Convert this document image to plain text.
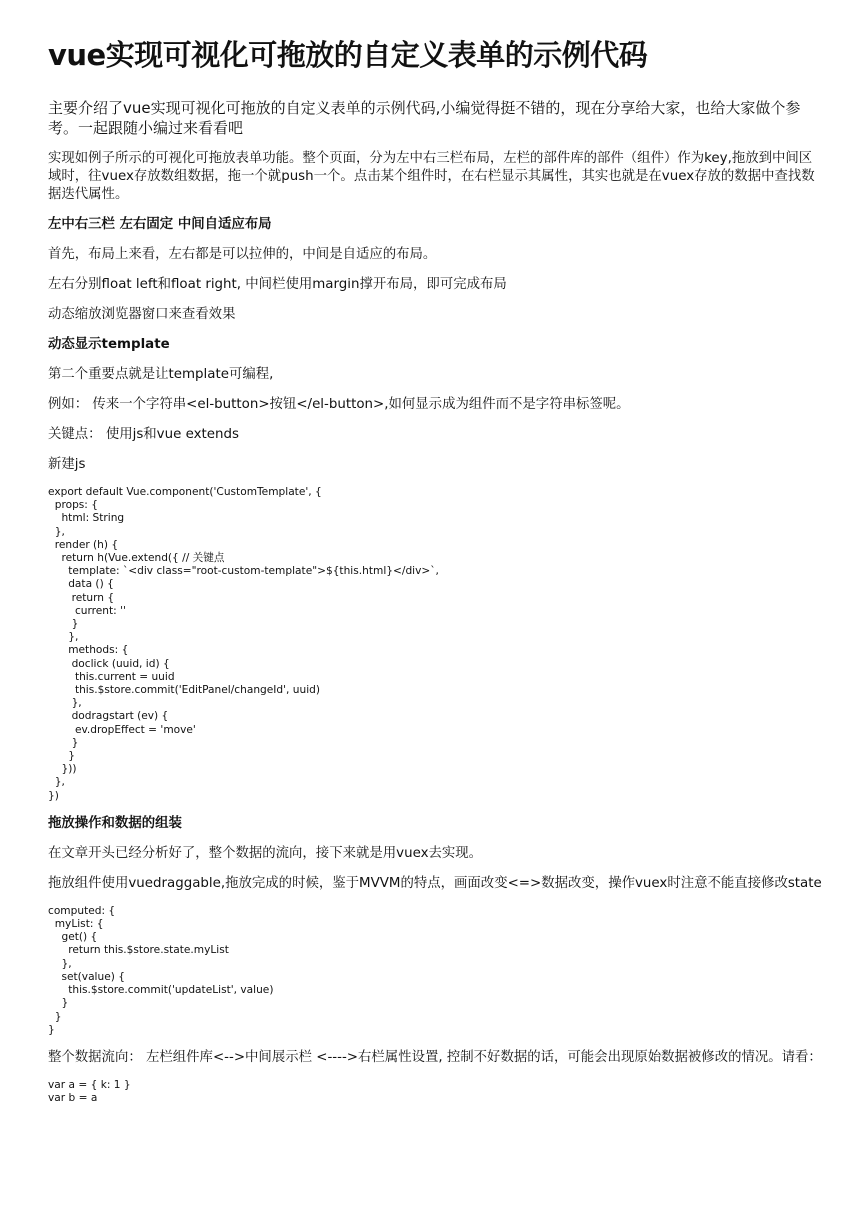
vue实现可视化可拖放的自定义表单的示例代码
主要介绍了vue实现可视化可拖放的自定义表单的示例代码,小编觉得挺不错的，现在分享给大家，也给大家做个参考。一起跟随小编过来看看吧

实现如例子所示的可视化可拖放表单功能。整个页面，分为左中右三栏布局，左栏的部件库的部件（组件）作为key,拖放到中间区域时，往vuex存放数组数据，拖一个就push一个。点击某个组件时，在右栏显示其属性，其实也就是在vuex存放的数据中查找数据迭代属性。

左中右三栏 左右固定 中间自适应布局

首先，布局上来看，左右都是可以拉伸的，中间是自适应的布局。

左右分别float left和float right, 中间栏使用margin撑开布局，即可完成布局

动态缩放浏览器窗口来查看效果

动态显示template

第二个重要点就是让template可编程,

例如： 传来一个字符串<el-button>按钮</el-button>,如何显示成为组件而不是字符串标签呢。

关键点： 使用js和vue extends

新建js

export default Vue.component('CustomTemplate', {
props: {
html: String
},
render (h) {
return h(Vue.extend({ // 关键点
template: `<div class="root-custom-template">${this.html}</div>`,
data () {
return {
current: ''
}
},
methods: {
doclick (uuid, id) {
this.current = uuid
this.$store.commit('EditPanel/changeId', uuid)
},
dodragstart (ev) {
ev.dropEffect = 'move'
}
}
}))
},
})
拖放操作和数据的组装

在文章开头已经分析好了，整个数据的流向，接下来就是用vuex去实现。

拖放组件使用vuedraggable,拖放完成的时候，鉴于MVVM的特点，画面改变<=>数据改变，操作vuex时注意不能直接修改state

computed: {
myList: {
get() {
return this.$store.state.myList
},
set(value) {
this.$store.commit('updateList', value)
}
}
}

整个数据流向： 左栏组件库<-->中间展示栏 <---->右栏属性设置, 控制不好数据的话，可能会出现原始数据被修改的情况。请看：

var a = { k: 1 }
var b = a
